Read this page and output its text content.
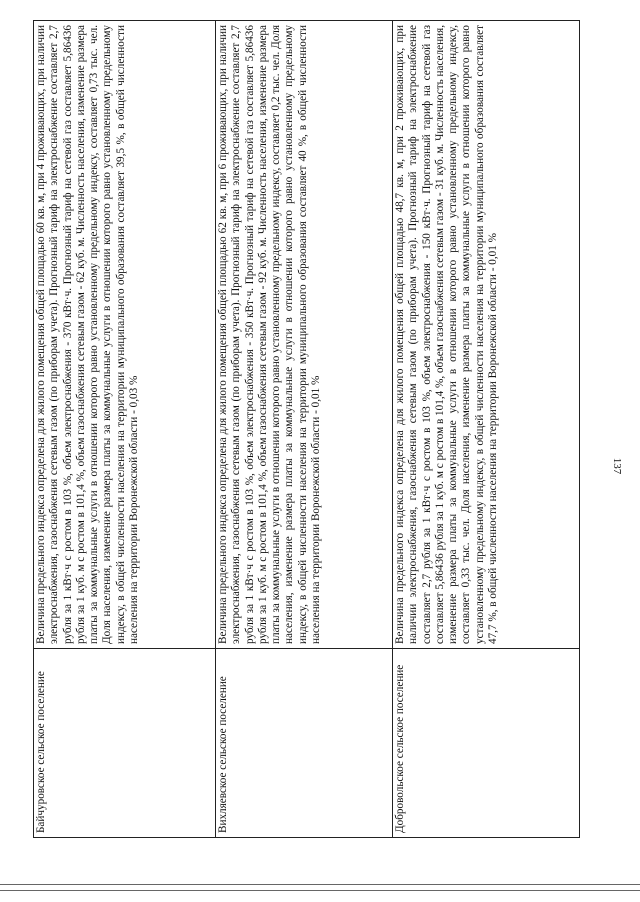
137
Байчуровское сельское поселение	Величина предельного индекса определена для жилого помещения общей площадью 60 кв. м, при 4 проживающих, при наличии электроснабжения, газоснабжения сетевым газом (по приборам учета). Прогнозный тариф на электроснабжение составляет 2,7 рубля за 1 кВт·ч с ростом в 103 %, объем электроснабжения - 370 кВт·ч. Прогнозный тариф на сетевой газ составляет 5,86436 рубля за 1 куб. м с ростом в 101,4 %, объем газоснабжения сетевым газом - 62 куб. м. Численность населения, изменение размера платы за коммунальные услуги в отношении которого равно установленному предельному индексу, составляет 0,73 тыс. чел. Доля населения, изменение размера платы за коммунальные услуги в отношении которого равно установленному предельному индексу, в общей численности населения на территории муниципального образования составляет 39,5 %, в общей численности населения на территории Воронежской области - 0,03 %
Вихляевское сельское поселение	Величина предельного индекса определена для жилого помещения общей площадью 62 кв. м, при 6 проживающих, при наличии электроснабжения, газоснабжения сетевым газом (по приборам учета). Прогнозный тариф на электроснабжение составляет 2,7 рубля за 1 кВт·ч с ростом в 103 %, объем электроснабжения - 350 кВт·ч. Прогнозный тариф на сетевой газ составляет 5,86436 рубля за 1 куб. м с ростом в 101,4 %, объем газоснабжения сетевым газом - 92 куб. м. Численность населения, изменение размера платы за коммунальные услуги в отношении которого равно установленному предельному индексу, составляет 0,2 тыс. чел. Доля населения, изменение размера платы за коммунальные услуги в отношении которого равно установленному предельному индексу, в общей численности населения на территории муниципального образования составляет 40 %, в общей численности населения на территории Воронежской области - 0,01 %
Добровольское сельское поселение	Величина предельного индекса определена для жилого помещения общей площадью 48,7 кв. м, при 2 проживающих, при наличии электроснабжения, газоснабжения сетевым газом (по приборам учета). Прогнозный тариф на электроснабжение составляет 2,7 рубля за 1 кВт·ч с ростом в 103 %, объем электроснабжения - 150 кВт·ч. Прогнозный тариф на сетевой газ составляет 5,86436 рубля за 1 куб. м с ростом в 101,4 %, объем газоснабжения сетевым газом - 31 куб. м. Численность населения, изменение размера платы за коммунальные услуги в отношении которого равно установленному предельному индексу, составляет 0,33 тыс. чел. Доля населения, изменение размера платы за коммунальные услуги в отношении которого равно установленному предельному индексу, в общей численности населения на территории муниципального образования составляет 47,7 %, в общей численности населения на территории Воронежской области - 0,01 %
